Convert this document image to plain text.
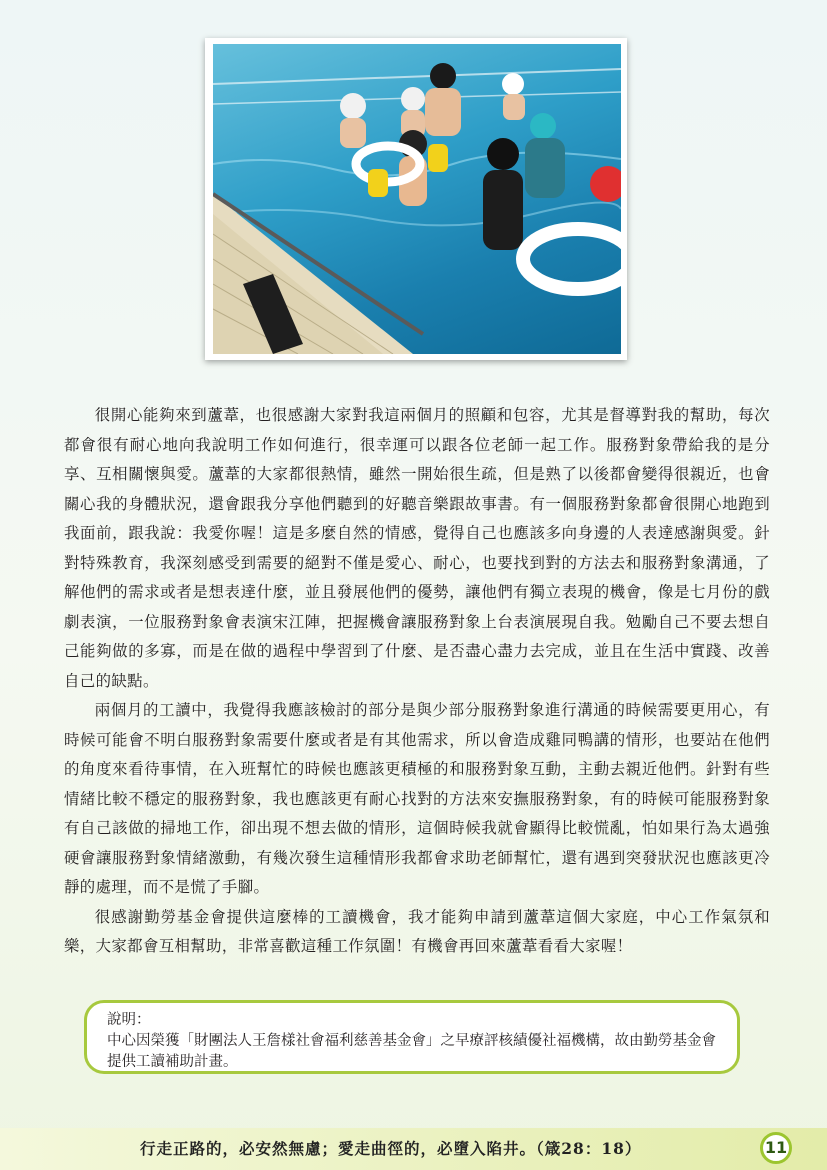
很開心能夠來到蘆葦，也很感謝大家對我這兩個月的照顧和包容，尤其是督導對我的幫助，每次都會很有耐心地向我說明工作如何進行，很幸運可以跟各位老師一起工作。服務對象帶給我的是分享、互相關懷與愛。蘆葦的大家都很熱情，雖然一開始很生疏，但是熟了以後都會變得很親近，也會關心我的身體狀況，還會跟我分享他們聽到的好聽音樂跟故事書。有一個服務對象都會很開心地跑到我面前，跟我說：我愛你喔！這是多麼自然的情感，覺得自己也應該多向身邊的人表達感謝與愛。針對特殊教育，我深刻感受到需要的絕對不僅是愛心、耐心，也要找到對的方法去和服務對象溝通，了解他們的需求或者是想表達什麼，並且發展他們的優勢，讓他們有獨立表現的機會，像是七月份的戲劇表演，一位服務對象會表演宋江陣，把握機會讓服務對象上台表演展現自我。勉勵自己不要去想自己能夠做的多寡，而是在做的過程中學習到了什麼、是否盡心盡力去完成，並且在生活中實踐、改善自己的缺點。

兩個月的工讀中，我覺得我應該檢討的部分是與少部分服務對象進行溝通的時候需要更用心，有時候可能會不明白服務對象需要什麼或者是有其他需求，所以會造成雞同鴨講的情形，也要站在他們的角度來看待事情，在入班幫忙的時候也應該更積極的和服務對象互動，主動去親近他們。針對有些情緒比較不穩定的服務對象，我也應該更有耐心找對的方法來安撫服務對象，有的時候可能服務對象有自己該做的掃地工作，卻出現不想去做的情形，這個時候我就會顯得比較慌亂，怕如果行為太過強硬會讓服務對象情緒激動，有幾次發生這種情形我都會求助老師幫忙，還有遇到突發狀況也應該更冷靜的處理，而不是慌了手腳。

很感謝勤勞基金會提供這麼棒的工讀機會，我才能夠申請到蘆葦這個大家庭，中心工作氣氛和樂，大家都會互相幫助，非常喜歡這種工作氛圍！有機會再回來蘆葦看看大家喔！

說明：
中心因榮獲「財團法人王詹樣社會福利慈善基金會」之早療評核績優社福機構，故由勤勞基金會提供工讀補助計畫。
行走正路的，必安然無慮；愛走曲徑的，必墮入陷井。（箴28：18）	11
